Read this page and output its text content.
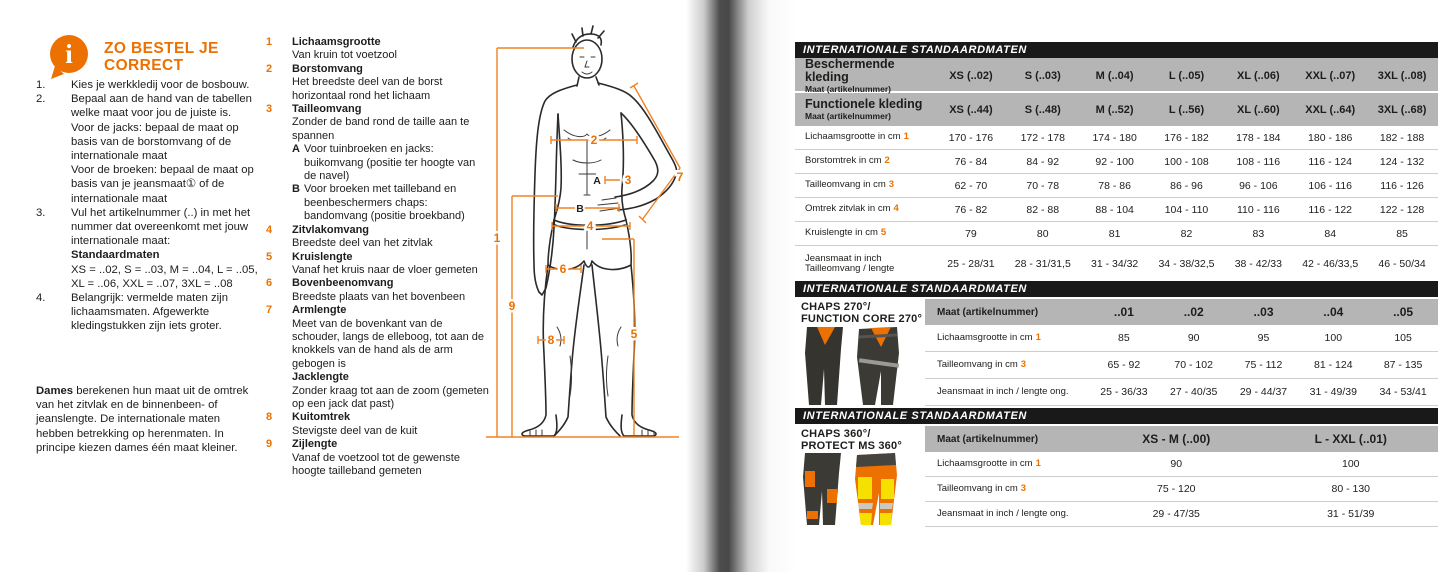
i ZO BESTEL JE
CORRECT
1.	Kies je werkkledij voor de bosbouw.
2.	Bepaal aan de hand van de tabellen welke maat voor jou de juiste is.
Voor de jacks: bepaal de maat op basis van de borstomvang of de internationale maat
Voor de broeken: bepaal de maat op basis van je jeansmaat① of de internationale maat
3.	Vul het artikelnummer (..) in met het nummer dat overeenkomt met jouw internationale maat:
Standaardmaten
XS = ..02, S = ..03, M = ..04, L = ..05, XL = ..06, XXL = ..07, 3XL = ..08
4.	Belangrijk: vermelde maten zijn lichaamsmaten. Afgewerkte kledingstukken zijn iets groter.

Dames berekenen hun maat uit de omtrek van het zitvlak en de binnenbeen- of jeanslengte. De internationale maten hebben betrekking op herenmaten. In principe kiezen dames één maat kleiner.

1	Lichaamsgrootte
Van kruin tot voetzool
2	Borstomvang
Het breedste deel van de borst horizontaal rond het lichaam
3	Tailleomvang
Zonder de band rond de taille aan te spannen
A Voor tuinbroeken en jacks: buikomvang (positie ter hoogte van de navel)
B Voor broeken met tailleband en beenbeschermers chaps: bandomvang (positie broekband)
4	Zitvlakomvang
Breedste deel van het zitvlak
5	Kruislengte
Vanaf het kruis naar de vloer gemeten
6	Bovenbeenomvang
Breedste plaats van het bovenbeen
7	Armlengte
Meet van de bovenkant van de schouder, langs de elleboog, tot aan de knokkels van de hand als de arm gebogen is
Jacklengte
Zonder kraag tot aan de zoom (gemeten op een jack dat past)
8	Kuitomtrek
Stevigste deel van de kuit
9	Zijlengte
Vanaf de voetzool tot de gewenste hoogte tailleband gemeten
1
2
3
4
5
6
7
8
9
A
B
INTERNATIONALE STANDAARDMATEN
Beschermende kleding
Maat (artikelnummer)
XS (..02)	S (..03)	M (..04)	L (..05)	XL (..06)	XXL (..07)	3XL (..08)
Functionele kleding
Maat (artikelnummer)
XS (..44)	S (..48)	M (..52)	L (..56)	XL (..60)	XXL (..64)	3XL (..68)
Lichaamsgrootte in cm 1	170 - 176	172 - 178	174 - 180	176 - 182	178 - 184	180 - 186	182 - 188
Borstomtrek in cm 2	76 - 84	84 - 92	92 - 100	100 - 108	108 - 116	116 - 124	124 - 132
Tailleomvang in cm 3	62 - 70	70 - 78	78 - 86	86 - 96	96 - 106	106 - 116	116 - 126
Omtrek zitvlak in cm 4	76 - 82	82 - 88	88 - 104	104 - 110	110 - 116	116 - 122	122 - 128
Kruislengte in cm 5	79	80	81	82	83	84	85
Jeansmaat in inch
Tailleomvang / lengte	25 - 28/31	28 - 31/31,5	31 - 34/32	34 - 38/32,5	38 - 42/33	42 - 46/33,5	46 - 50/34
INTERNATIONALE STANDAARDMATEN
CHAPS 270°/
FUNCTION CORE 270°
Maat (artikelnummer)	..01	..02	..03	..04	..05
Lichaamsgrootte in cm 1	85	90	95	100	105
Tailleomvang in cm 3	65 - 92	70 - 102	75 - 112	81 - 124	87 - 135
Jeansmaat in inch / lengte ong.	25 - 36/33	27 - 40/35	29 - 44/37	31 - 49/39	34 - 53/41
INTERNATIONALE STANDAARDMATEN
CHAPS 360°/
PROTECT MS 360°
Maat (artikelnummer)	XS - M (..00)	L - XXL (..01)
Lichaamsgrootte in cm 1	90	100
Tailleomvang in cm 3	75 - 120	80 - 130
Jeansmaat in inch / lengte ong.	29 - 47/35	31 - 51/39
